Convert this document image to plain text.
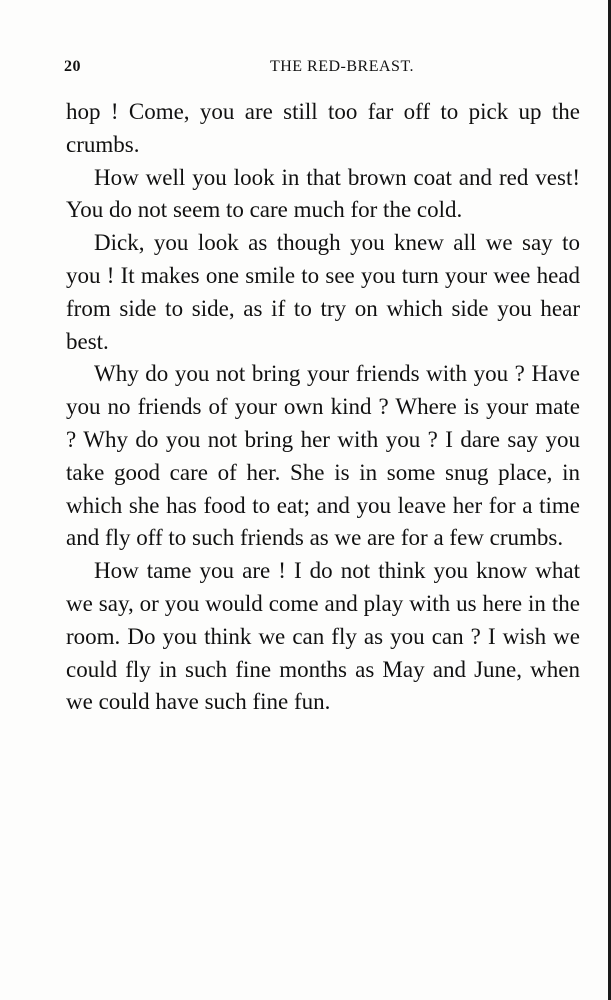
20	THE RED-BREAST.

hop ! Come, you are still too far off to pick up the crumbs.

How well you look in that brown coat and red vest! You do not seem to care much for the cold.

Dick, you look as though you knew all we say to you ! It makes one smile to see you turn your wee head from side to side, as if to try on which side you hear best.

Why do you not bring your friends with you ? Have you no friends of your own kind ? Where is your mate ? Why do you not bring her with you ? I dare say you take good care of her. She is in some snug place, in which she has food to eat; and you leave her for a time and fly off to such friends as we are for a few crumbs.

How tame you are ! I do not think you know what we say, or you would come and play with us here in the room. Do you think we can fly as you can ? I wish we could fly in such fine months as May and June, when we could have such fine fun.
